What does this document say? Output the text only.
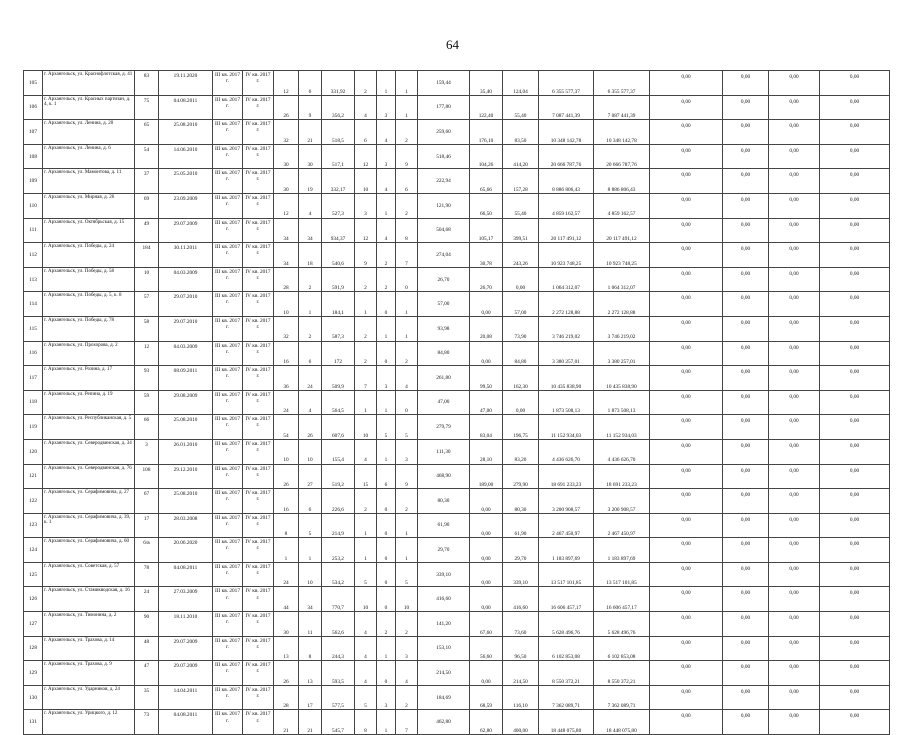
64
105	г. Архангельск, ул. Краснофлотская, д. 41	83	19.11.2020	III кв. 2017 г.	IV кв. 2017 г.	12	6	331,92	2	1	1	159,44	35,40	124,04	6 355 577,37	6 355 577,37	0,00	0,00	0,00	0,00
106	г. Архангельск, ул. Красных партизан, д. 4, к. 1	75	04.08.2011	III кв. 2017 г.	IV кв. 2017 г.	26	9	356,2	4	3	1	177,80	122,40	55,40	7 087 441,39	7 087 441,39	0,00	0,00	0,00	0,00
107	г. Архангельск, ул. Ленина, д. 20	65	25.08.2010	III кв. 2017 г.	IV кв. 2017 г.	32	21	518,5	6	4	2	259,60	176,10	83,50	10 348 142,78	10 348 142,78	0,00	0,00	0,00	0,00
108	г. Архангельск, ул. Ленина, д. 6	54	14.06.2010	III кв. 2017 г.	IV кв. 2017 г.	30	30	517,1	12	3	9	518,46	104,26	414,20	20 666 787,76	20 666 787,76	0,00	0,00	0,00	0,00
109	г. Архангельск, ул. Мамонтова, д. 11	37	25.05.2010	III кв. 2017 г.	IV кв. 2017 г.	30	19	332,17	10	4	6	222,94	65,66	157,28	8 886 806,43	8 886 806,43	0,00	0,00	0,00	0,00
110	г. Архангельск, ул. Мирная, д. 26	69	23.09.2009	III кв. 2017 г.	IV кв. 2017 г.	12	4	527,3	3	1	2	121,90	66,50	55,40	4 859 162,57	4 859 162,57	0,00	0,00	0,00	0,00
111	г. Архангельск, ул. Октябрьская, д. 15	49	29.07.2009	III кв. 2017 г.	IV кв. 2017 г.	34	34	934,37	12	4	8	504,68	105,17	399,51	20 117 491,12	20 117 491,12	0,00	0,00	0,00	0,00
112	г. Архангельск, ул. Победы, д. 24	184	30.11.2011	III кв. 2017 г.	IV кв. 2017 г.	34	18	540,6	9	2	7	274,04	30,78	243,26	10 923 748,25	10 923 748,25	0,00	0,00	0,00	0,00
113	г. Архангельск, ул. Победы, д. 58	10	04.03.2009	III кв. 2017 г.	IV кв. 2017 г.	28	2	591,9	2	2	0	26,70	26,70	0,00	1 064 312,07	1 064 312,07	0,00	0,00	0,00	0,00
114	г. Архангельск, ул. Победы, д. 5, к. 8	57	29.07.2010	III кв. 2017 г.	IV кв. 2017 г.	10	1	184,1	1	0	1	57,00	0,00	57,00	2 272 128,88	2 272 128,88	0,00	0,00	0,00	0,00
115	г. Архангельск, ул. Победы, д. 78	58	29.07.2010	III кв. 2017 г.	IV кв. 2017 г.	32	2	587,3	2	1	1	93,98	20,08	73,90	3 746 219,02	3 746 219,02	0,00	0,00	0,00	0,00
116	г. Архангельск, ул. Прохорова, д. 2	12	04.03.2009	III кв. 2017 г.	IV кв. 2017 г.	16	6	172	2	0	2	84,80	0,00	84,80	3 380 257,01	3 380 257,01	0,00	0,00	0,00	0,00
117	г. Архангельск, ул. Розина, д. 17	93	08.09.2011	III кв. 2017 г.	IV кв. 2017 г.	36	24	509,9	7	3	4	261,80	99,50	162,30	10 435 838,90	10 435 838,90	0,00	0,00	0,00	0,00
118	г. Архангельск, ул. Репина, д. 19	59	29.08.2009	III кв. 2017 г.	IV кв. 2017 г.	24	4	564,5	1	1	0	47,00	47,00	0,00	1 873 508,13	1 873 508,13	0,00	0,00	0,00	0,00
119	г. Архангельск, ул. Республиканская, д. 5	66	25.08.2010	III кв. 2017 г.	IV кв. 2017 г.	54	26	607,6	10	5	5	279,79	83,04	196,75	11 152 934,03	11 152 934,03	0,00	0,00	0,00	0,00
120	г. Архангельск, ул. Северодвинская, д. 34	3	26.01.2010	III кв. 2017 г.	IV кв. 2017 г.	10	10	155,4	4	1	3	111,30	28,10	83,20	4 436 626,70	4 436 626,70	0,00	0,00	0,00	0,00
121	г. Архангельск, ул. Северодвинская, д. 76	108	29.12.2010	III кв. 2017 г.	IV кв. 2017 г.	26	27	519,2	15	6	9	468,90	189,00	279,90	18 691 233,23	18 691 233,23	0,00	0,00	0,00	0,00
122	г. Архангельск, ул. Серафимовича, д. 27	67	25.08.2010	III кв. 2017 г.	IV кв. 2017 г.	16	6	226,6	2	0	2	80,30	0,00	80,30	3 200 908,57	3 200 908,57	0,00	0,00	0,00	0,00
123	г. Архангельск, ул. Серафимовича, д. 39, к. 1	17	28.03.2008	III кв. 2017 г.	IV кв. 2017 г.	8	5	214,9	1	0	1	61,90	0,00	61,90	2 467 450,97	2 467 450,97	0,00	0,00	0,00	0,00
124	г. Архангельск, ул. Серафимовича, д. 60	6/в	20.06.2020	III кв. 2017 г.	IV кв. 2017 г.	1	1	253,2	1	0	1	29,70	0,00	29,70	1 183 897,69	1 183 897,69	0,00	0,00	0,00	0,00
125	г. Архангельск, ул. Советская, д. 57	78	04.08.2011	III кв. 2017 г.	IV кв. 2017 г.	24	10	534,2	5	0	5	339,10	0,00	339,10	13 517 101,85	13 517 101,85	0,00	0,00	0,00	0,00
126	г. Архангельск, ул. Стамикводская, д. 16	24	27.03.2009	III кв. 2017 г.	IV кв. 2017 г.	44	34	770,7	10	0	10	416,60	0,00	416,60	16 606 457,17	16 606 457,17	0,00	0,00	0,00	0,00
127	г. Архангельск, ул. Тимонина, д. 2	90	18.11.2010	III кв. 2017 г.	IV кв. 2017 г.	30	11	562,6	4	2	2	141,20	67,60	73,60	5 628 496,76	5 628 496,76	0,00	0,00	0,00	0,00
128	г. Архангельск, ул. Трахова, д. 14	48	29.07.2009	III кв. 2017 г.	IV кв. 2017 г.	13	8	244,3	4	1	3	153,10	56,60	96,50	6 102 853,08	6 102 853,08	0,00	0,00	0,00	0,00
129	г. Архангельск, ул. Трахова, д. 9	47	29.07.2009	III кв. 2017 г.	IV кв. 2017 г.	26	13	593,5	4	0	4	214,50	0,00	214,50	8 550 372,21	8 550 372,21	0,00	0,00	0,00	0,00
130	г. Архангельск, ул. Ударников, д. 24	35	14.04.2011	III кв. 2017 г.	IV кв. 2017 г.	28	17	577,5	5	3	2	184,69	68,59	116,10	7 362 089,71	7 362 089,71	0,00	0,00	0,00	0,00
131	г. Архангельск, ул. Урицкого, д. 12	73	04.08.2011	III кв. 2017 г.	IV кв. 2017 г.	21	21	545,7	8	1	7	462,80	62,80	400,00	18 448 075,80	18 448 075,80	0,00	0,00	0,00	0,00
